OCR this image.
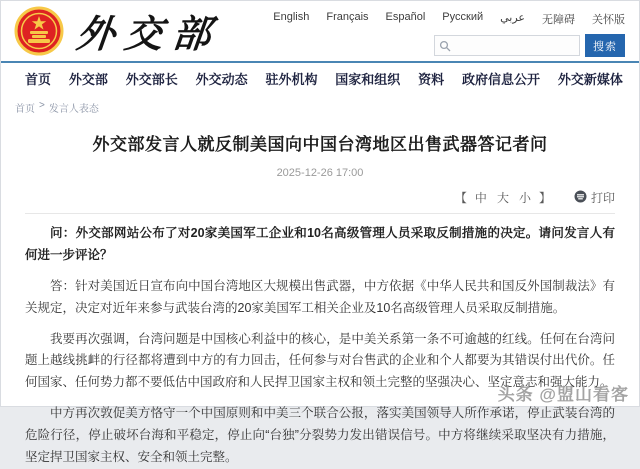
外交部	English Français Español Русский عربي 无障碍 关怀版
搜索
首页 外交部 外交部长 外交动态 驻外机构 国家和组织 资料 政府信息公开 外交新媒体
首页 > 发言人表态
外交部发言人就反制美国向中国台湾地区出售武器答记者问
2025-12-26 17:00
【 中 大 小 】	打印

问：外交部网站公布了对20家美国军工企业和10名高级管理人员采取反制措施的决定。请问发言人有何进一步评论？

答：针对美国近日宣布向中国台湾地区大规模出售武器，中方依据《中华人民共和国反外国制裁法》有关规定，决定对近年来参与武装台湾的20家美国军工相关企业及10名高级管理人员采取反制措施。

我要再次强调，台湾问题是中国核心利益中的核心，是中美关系第一条不可逾越的红线。任何在台湾问题上越线挑衅的行径都将遭到中方的有力回击，任何参与对台售武的企业和个人都要为其错误付出代价。任何国家、任何势力都不要低估中国政府和人民捍卫国家主权和领土完整的坚强决心、坚定意志和强大能力。

中方再次敦促美方恪守一个中国原则和中美三个联合公报，落实美国领导人所作承诺，停止武装台湾的危险行径，停止破坏台海和平稳定，停止向“台独”分裂势力发出错误信号。中方将继续采取坚决有力措施，坚定捍卫国家主权、安全和领土完整。

头条 @盟山看客
